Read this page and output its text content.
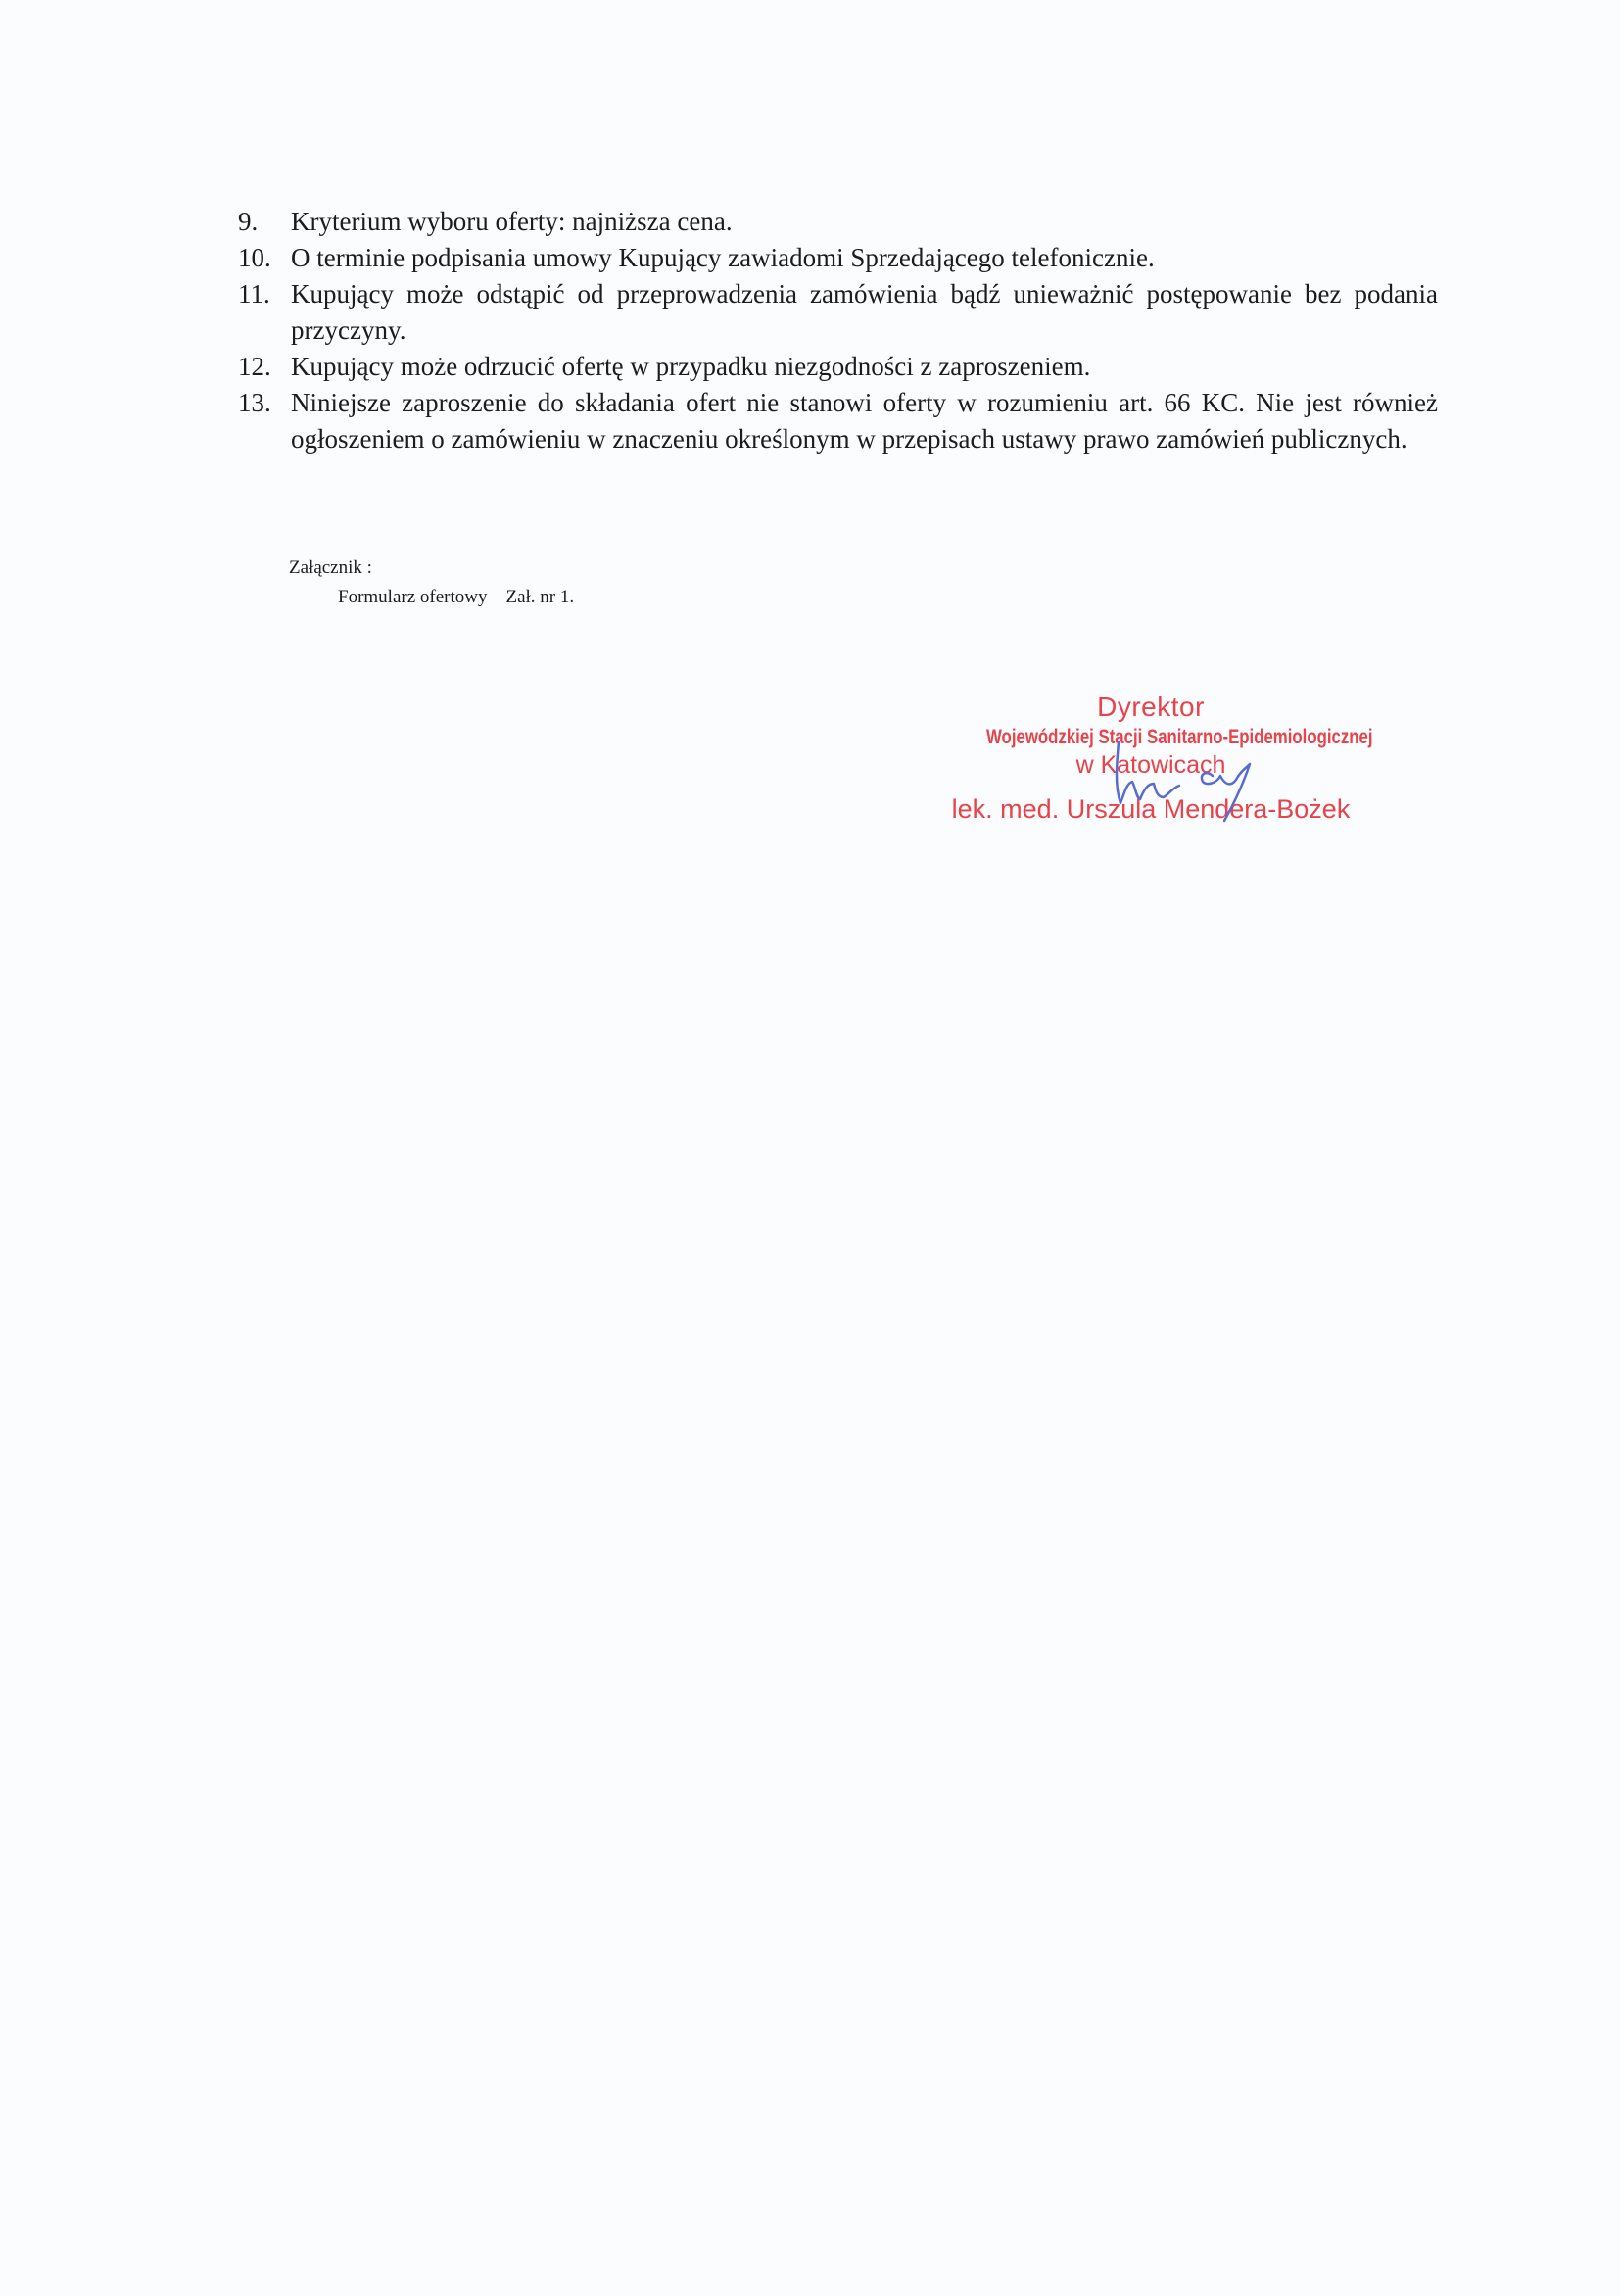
9.	Kryterium wyboru oferty: najniższa cena.
10. O terminie podpisania umowy Kupujący zawiadomi Sprzedającego telefonicznie.
11. Kupujący może odstąpić od przeprowadzenia zamówienia bądź unieważnić postępowanie bez podania przyczyny.
12. Kupujący może odrzucić ofertę w przypadku niezgodności z zaproszeniem.
13. Niniejsze zaproszenie do składania ofert nie stanowi oferty w rozumieniu art. 66 KC. Nie jest również ogłoszeniem o zamówieniu w znaczeniu określonym w przepisach ustawy prawo zamówień publicznych.
Załącznik :
Formularz ofertowy – Zał. nr 1.
Dyrektor
Wojewódzkiej Stacji Sanitarno-Epidemiologicznej
w Katowicach
lek. med. Urszula Mendera-Bożek
